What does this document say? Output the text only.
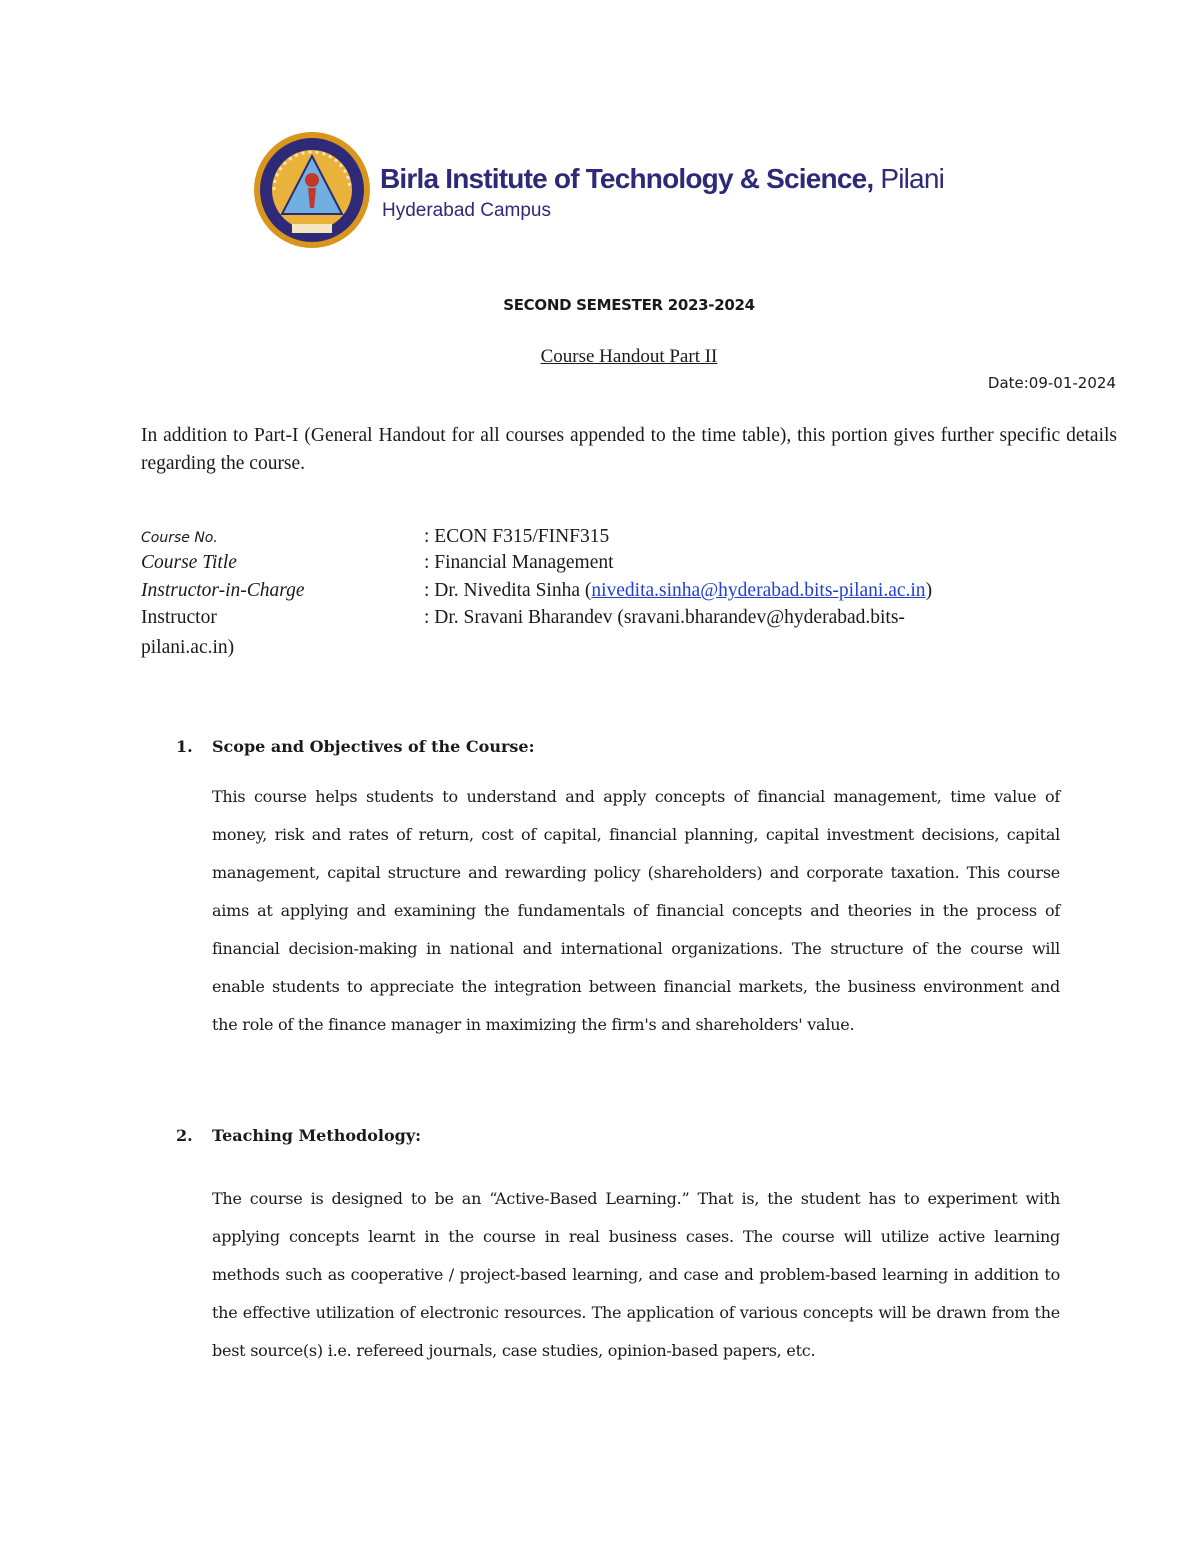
Birla Institute of Technology & Science, Pilani
Hyderabad Campus
SECOND SEMESTER 2023-2024
Course Handout Part II
Date:09-01-2024
In addition to Part-I (General Handout for all courses appended to the time table), this portion gives further specific details regarding the course.
Course No.	: ECON F315/FINF315
Course Title	: Financial Management
Instructor-in-Charge	: Dr. Nivedita Sinha (nivedita.sinha@hyderabad.bits-pilani.ac.in)
Instructor	: Dr. Sravani Bharandev (sravani.bharandev@hyderabad.bits-
pilani.ac.in)
1. Scope and Objectives of the Course:
This course helps students to understand and apply concepts of financial management, time value of money, risk and rates of return, cost of capital, financial planning, capital investment decisions, capital management, capital structure and rewarding policy (shareholders) and corporate taxation. This course aims at applying and examining the fundamentals of financial concepts and theories in the process of financial decision-making in national and international organizations. The structure of the course will enable students to appreciate the integration between financial markets, the business environment and the role of the finance manager in maximizing the firm's and shareholders' value.
2. Teaching Methodology:
The course is designed to be an “Active-Based Learning.” That is, the student has to experiment with applying concepts learnt in the course in real business cases. The course will utilize active learning methods such as cooperative / project-based learning, and case and problem-based learning in addition to the effective utilization of electronic resources. The application of various concepts will be drawn from the best source(s) i.e. refereed journals, case studies, opinion-based papers, etc.
